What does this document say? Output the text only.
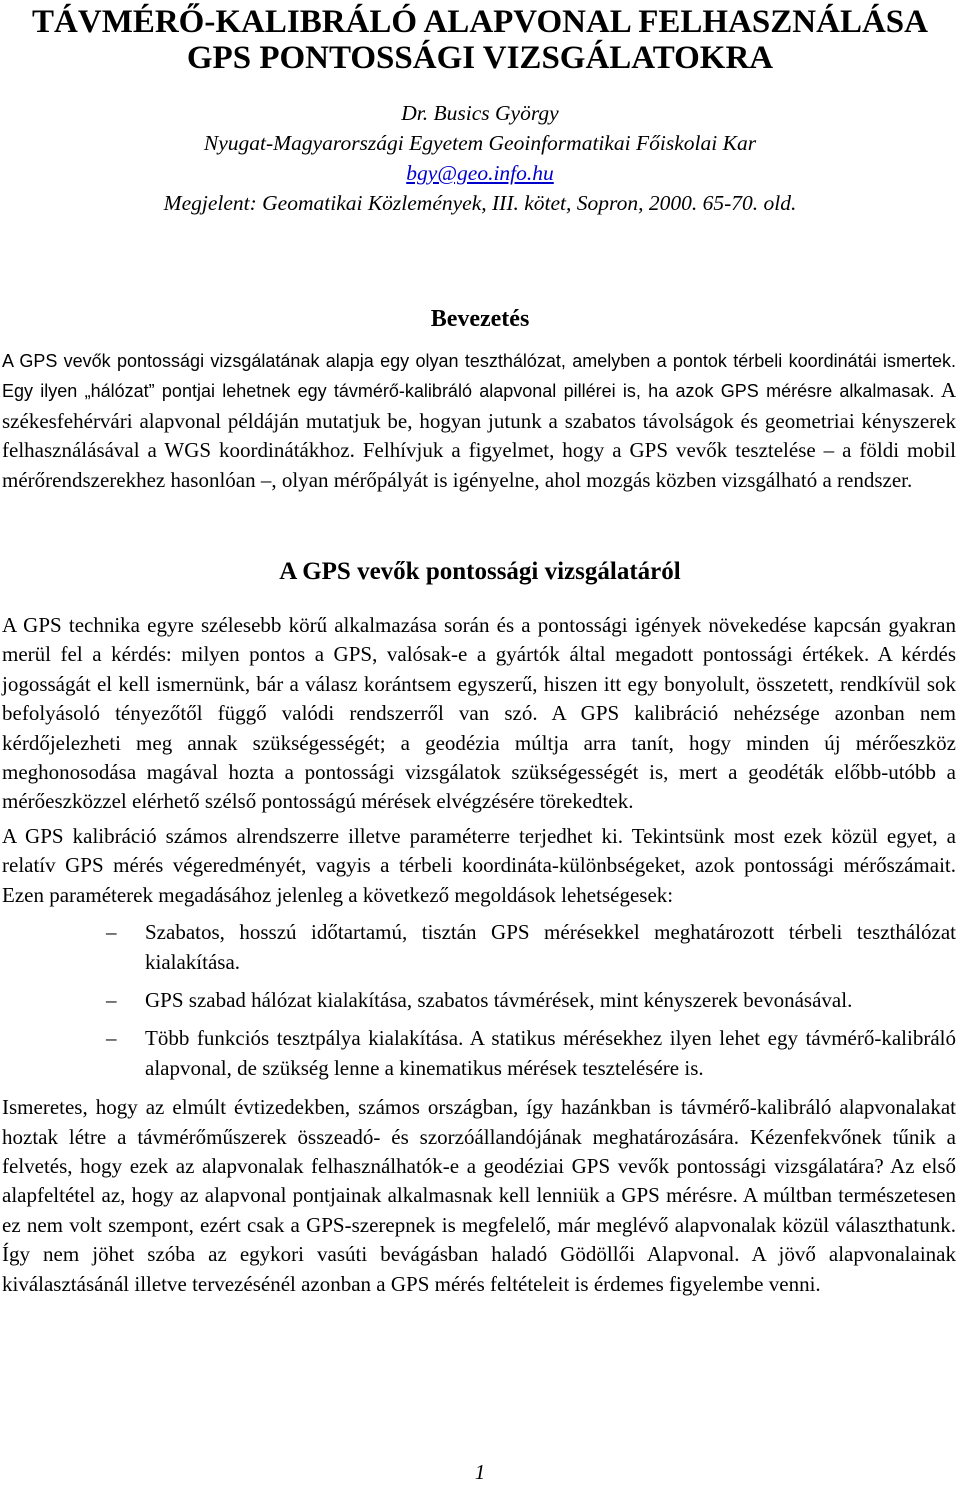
TÁVMÉRŐ-KALIBRÁLÓ ALAPVONAL FELHASZNÁLÁSA
GPS PONTOSSÁGI VIZSGÁLATOKRA
Dr. Busics György
Nyugat-Magyarországi Egyetem Geoinformatikai Főiskolai Kar
bgy@geo.info.hu
Megjelent: Geomatikai Közlemények, III. kötet, Sopron, 2000. 65-70. old.
Bevezetés

A GPS vevők pontossági vizsgálatának alapja egy olyan teszthálózat, amelyben a pontok térbeli koordinátái ismertek. Egy ilyen „hálózat” pontjai lehetnek egy távmérő-kalibráló alapvonal pillérei is, ha azok GPS mérésre alkalmasak. A székesfehérvári alapvonal példáján mutatjuk be, hogyan jutunk a szabatos távolságok és geometriai kényszerek felhasználásával a WGS koordinátákhoz. Felhívjuk a figyelmet, hogy a GPS vevők tesztelése – a földi mobil mérőrendszerekhez hasonlóan –, olyan mérőpályát is igényelne, ahol mozgás közben vizsgálható a rendszer.

A GPS vevők pontossági vizsgálatáról

A GPS technika egyre szélesebb körű alkalmazása során és a pontossági igények növekedése kapcsán gyakran merül fel a kérdés: milyen pontos a GPS, valósak-e a gyártók által megadott pontossági értékek. A kérdés jogosságát el kell ismernünk, bár a válasz korántsem egyszerű, hiszen itt egy bonyolult, összetett, rendkívül sok befolyásoló tényezőtől függő valódi rendszerről van szó. A GPS kalibráció nehézsége azonban nem kérdőjelezheti meg annak szükségességét; a geodézia múltja arra tanít, hogy minden új mérőeszköz meghonosodása magával hozta a pontossági vizsgálatok szükségességét is, mert a geodéták előbb-utóbb a mérőeszközzel elérhető szélső pontosságú mérések elvégzésére törekedtek.

A GPS kalibráció számos alrendszerre illetve paraméterre terjedhet ki. Tekintsünk most ezek közül egyet, a relatív GPS mérés végeredményét, vagyis a térbeli koordináta-különbségeket, azok pontossági mérőszámait. Ezen paraméterek megadásához jelenleg a következő megoldások lehetségesek:

– Szabatos, hosszú időtartamú, tisztán GPS mérésekkel meghatározott térbeli teszthálózat kialakítása.
– GPS szabad hálózat kialakítása, szabatos távmérések, mint kényszerek bevonásával.
– Több funkciós tesztpálya kialakítása. A statikus mérésekhez ilyen lehet egy távmérő-kalibráló alapvonal, de szükség lenne a kinematikus mérések tesztelésére is.

Ismeretes, hogy az elmúlt évtizedekben, számos országban, így hazánkban is távmérő-kalibráló alapvonalakat hoztak létre a távmérőműszerek összeadó- és szorzóállandójának meghatározására. Kézenfekvőnek tűnik a felvetés, hogy ezek az alapvonalak felhasználhatók-e a geodéziai GPS vevők pontossági vizsgálatára? Az első alapfeltétel az, hogy az alapvonal pontjainak alkalmasnak kell lenniük a GPS mérésre. A múltban természetesen ez nem volt szempont, ezért csak a GPS-szerepnek is megfelelő, már meglévő alapvonalak közül választhatunk. Így nem jöhet szóba az egykori vasúti bevágásban haladó Gödöllői Alapvonal. A jövő alapvonalainak kiválasztásánál illetve tervezésénél azonban a GPS mérés feltételeit is érdemes figyelembe venni.

1
